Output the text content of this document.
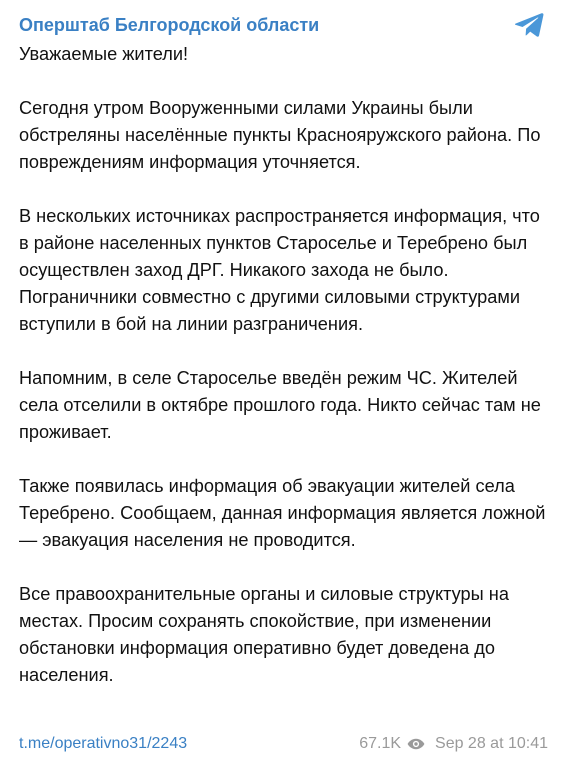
Оперштаб Белгородской области

Уважаемые жители!

Сегодня утром Вооруженными силами Украины были обстреляны населённые пункты Краснояружского района. По повреждениям информация уточняется.

В нескольких источниках распространяется информация, что в районе населенных пунктов Староселье и Теребрено был осуществлен заход ДРГ. Никакого захода не было. Пограничники совместно с другими силовыми структурами вступили в бой на линии разграничения.

Напомним, в селе Староселье введён режим ЧС. Жителей села отселили в октябре прошлого года. Никто сейчас там не проживает.

Также появилась информация об эвакуации жителей села Теребрено. Сообщаем, данная информация является ложной — эвакуация населения не проводится.

Все правоохранительные органы и силовые структуры на местах. Просим сохранять спокойствие, при изменении обстановки информация оперативно будет доведена до населения.

t.me/operativno31/2243	67.1K Sep 28 at 10:41
